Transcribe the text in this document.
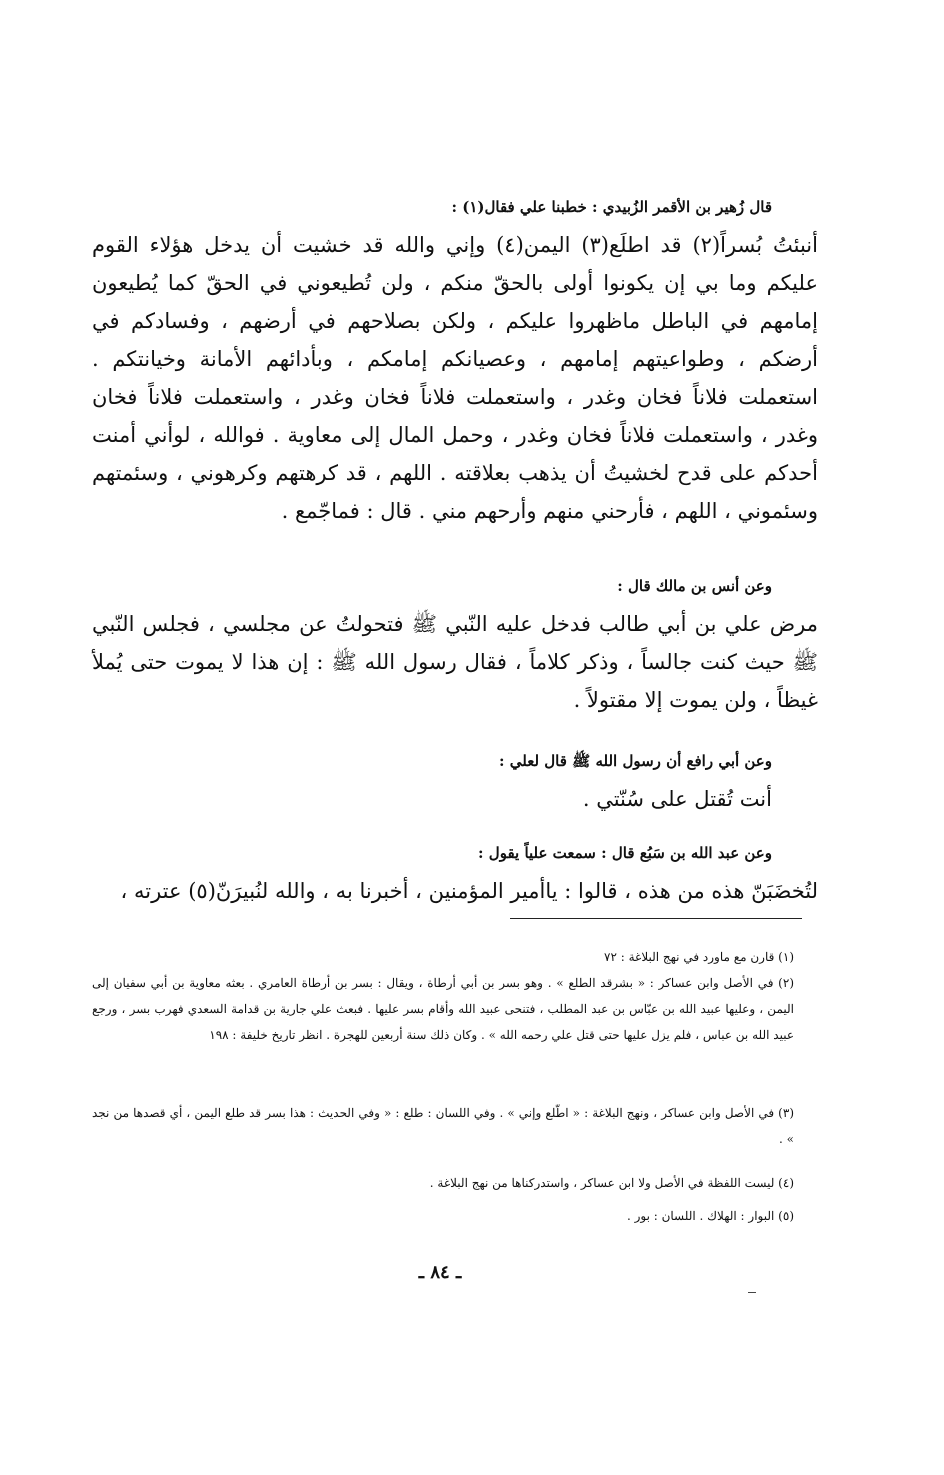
قال زُهير بن الأقمر الزُبيدي : خطبنا علي فقال(١) :
أنبئتُ بُسراً(٢) قد اطلَع(٣) اليمن(٤) وإني والله قد خشيت أن يدخل هؤلاء القوم عليكم وما بي إن يكونوا أولى بالحقّ منكم ، ولن تُطيعوني في الحقّ كما يُطيعون إمامهم في الباطل ماظهروا عليكم ، ولكن بصلاحهم في أرضهم ، وفسادكم في أرضكم ، وطواعيتهم إمامهم ، وعصيانكم إمامكم ، وبأدائهم الأمانة وخيانتكم . استعملت فلاناً فخان وغدر ، واستعملت فلاناً فخان وغدر ، واستعملت فلاناً فخان وغدر ، واستعملت فلاناً فخان وغدر ، وحمل المال إلى معاوية . فوالله ، لوأني أمنت أحدكم على قدح لخشيتُ أن يذهب بعلاقته . اللهم ، قد كرهتهم وكرهوني ، وسئمتهم وسئموني ، اللهم ، فأرحني منهم وأرحهم مني . قال : فماجّمع .
وعن أنس بن مالك قال :
مرض علي بن أبي طالب فدخل عليه النّبي ﷺ فتحولتُ عن مجلسي ، فجلس النّبي ﷺ حيث كنت جالساً ، وذكر كلاماً ، فقال رسول الله ﷺ : إن هذا لا يموت حتى يُملأ غيظاً ، ولن يموت إلا مقتولاً .
وعن أبي رافع أن رسول الله ﷺ قال لعلي :
أنت تُقتل على سُنّتي .
وعن عبد الله بن سَبُع قال : سمعت علياً يقول :
لتُخضَبَنّ هذه من هذه ، قالوا : ياأمير المؤمنين ، أخبرنا به ، والله لنُبيرَنّ(٥) عترته ،
(١) قارن مع ماورد في نهج البلاغة : ٧٢
(٢) في الأصل وابن عساكر : « بشرقد الطلع » . وهو بسر بن أبي أرطاة ، ويقال : بسر بن أرطاة العامري . بعثه معاوية بن أبي سفيان إلى اليمن ، وعليها عبيد الله بن عبّاس بن عبد المطلب ، فتنحى عبيد الله وأقام بسر عليها . فبعث علي جارية بن قدامة السعدي فهرب بسر ، ورجع عبيد الله بن عباس ، فلم يزل عليها حتى قتل علي رحمه الله » . وكان ذلك سنة أربعين للهجرة . انظر تاريخ خليفة : ١٩٨
(٣) في الأصل وابن عساكر ، ونهج البلاغة : « اطّلع وإني » . وفي اللسان : طلع : « وفي الحديث : هذا بسر قد طلع اليمن ، أي قصدها من نجد » .
(٤) ليست اللفظة في الأصل ولا ابن عساكر ، واستدركناها من نهج البلاغة .
(٥) البوار : الهلاك . اللسان : بور .
ـ ٨٤ ـ
